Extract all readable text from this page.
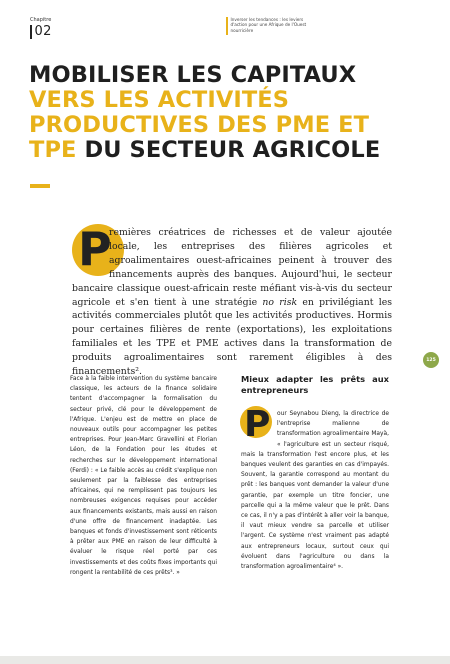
Chapitre
02
Inverser les tendances : les leviers d'action pour une Afrique de l'Ouest nourricière
MOBILISER LES CAPITAUX
VERS LES ACTIVITÉS
PRODUCTIVES DES PME ET
TPE DU SECTEUR AGRICOLE

P
remières créatrices de richesses et de valeur ajoutée locale, les entreprises des filières agricoles et agroalimentaires ouest-africaines peinent à trouver des financements auprès des banques. Aujourd'hui, le secteur bancaire classique ouest-africain reste méfiant vis-à-vis du secteur agricole et s'en tient à une stratégie no risk en privilégiant les activités commerciales plutôt que les activités productives. Hormis pour certaines filières de rente (exportations), les exploitations familiales et les TPE et PME actives dans la transformation de produits agroalimentaires sont rarement éligibles à des financements².

125

Face à la faible intervention du système bancaire classique, les acteurs de la finance solidaire tentent d'accompagner la formalisation du secteur privé, clé pour le développement de l'Afrique. L'enjeu est de mettre en place de nouveaux outils pour accompagner les petites entreprises. Pour Jean-Marc Gravellini et Florian Léon, de la Fondation pour les études et recherches sur le développement international (Ferdi) : « Le faible accès au crédit s'explique non seulement par la faiblesse des entreprises africaines, qui ne remplissent pas toujours les nombreuses exigences requises pour accéder aux financements existants, mais aussi en raison d'une offre de financement inadaptée. Les banques et fonds d'investissement sont réticents à prêter aux PME en raison de leur difficulté à évaluer le risque réel porté par ces investissements et des coûts fixes importants qui rongent la rentabilité de ces prêts³. »

Mieux adapter les prêts aux entrepreneurs
P our Seynabou Dieng, la directrice de l'entreprise malienne de transformation agroalimentaire Mayà, « l'agriculture est un secteur risqué, mais la transformation l'est encore plus, et les banques veulent des garanties en cas d'impayés. Souvent, la garantie correspond au montant du prêt : les banques vont demander la valeur d'une garantie, par exemple un titre foncier, une parcelle qui a la même valeur que le prêt. Dans ce cas, il n'y a pas d'intérêt à aller voir la banque, il vaut mieux vendre sa parcelle et utiliser l'argent. Ce système n'est vraiment pas adapté aux entrepreneurs locaux, surtout ceux qui évoluent dans l'agriculture ou dans la transformation agroalimentaire⁴ ».
